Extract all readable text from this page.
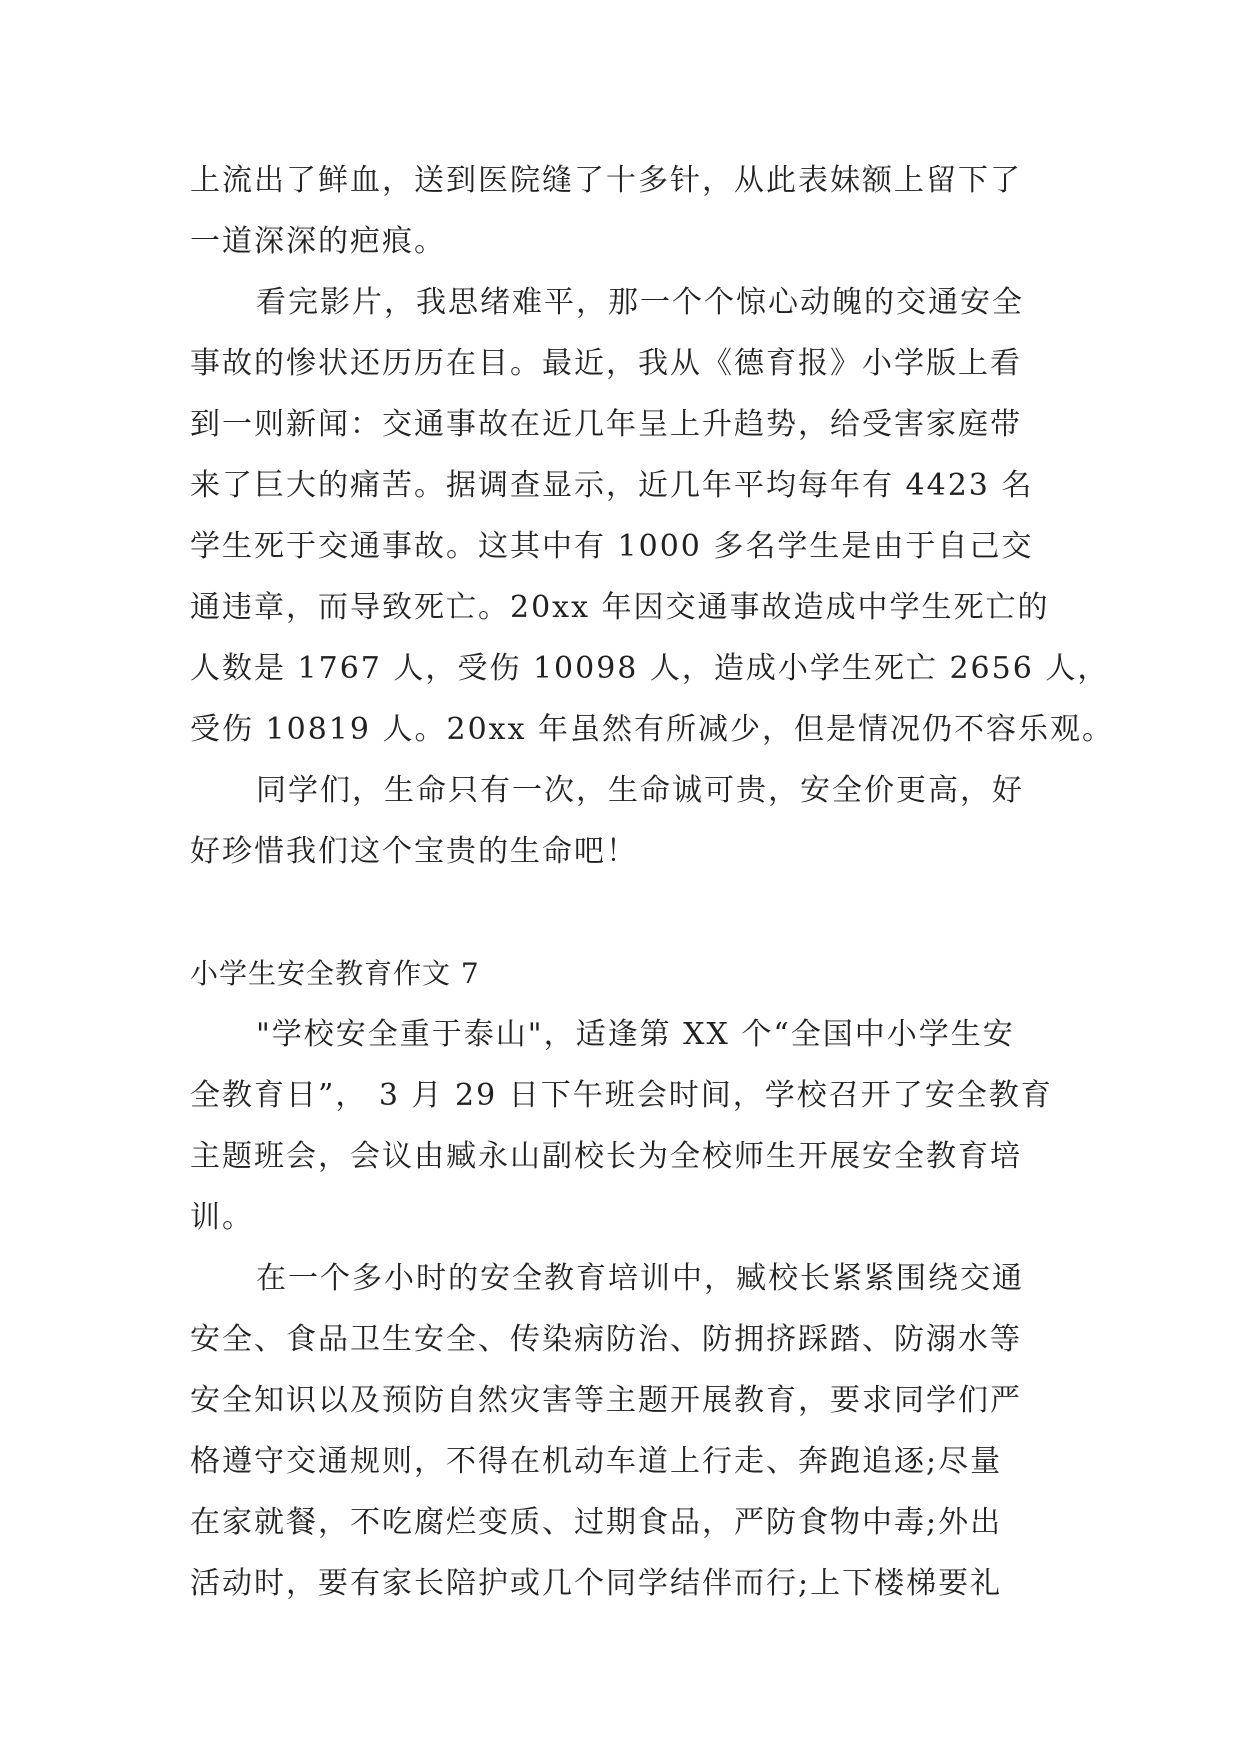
上流出了鲜血，送到医院缝了十多针，从此表妹额上留下了
一道深深的疤痕。
看完影片，我思绪难平，那一个个惊心动魄的交通安全
事故的惨状还历历在目。最近，我从《德育报》小学版上看
到一则新闻：交通事故在近几年呈上升趋势，给受害家庭带
来了巨大的痛苦。据调查显示，近几年平均每年有 4423 名
学生死于交通事故。这其中有 1000 多名学生是由于自己交
通违章，而导致死亡。20xx 年因交通事故造成中学生死亡的
人数是 1767 人，受伤 10098 人，造成小学生死亡 2656 人，
受伤 10819 人。20xx 年虽然有所减少，但是情况仍不容乐观。
同学们，生命只有一次，生命诚可贵，安全价更高，好
好珍惜我们这个宝贵的生命吧！
小学生安全教育作文 7
"学校安全重于泰山"，适逢第 XX 个“全国中小学生安
全教育日”， 3 月 29 日下午班会时间，学校召开了安全教育
主题班会，会议由臧永山副校长为全校师生开展安全教育培
训。
在一个多小时的安全教育培训中，臧校长紧紧围绕交通
安全、食品卫生安全、传染病防治、防拥挤踩踏、防溺水等
安全知识以及预防自然灾害等主题开展教育，要求同学们严
格遵守交通规则，不得在机动车道上行走、奔跑追逐;尽量
在家就餐，不吃腐烂变质、过期食品，严防食物中毒;外出
活动时，要有家长陪护或几个同学结伴而行;上下楼梯要礼
